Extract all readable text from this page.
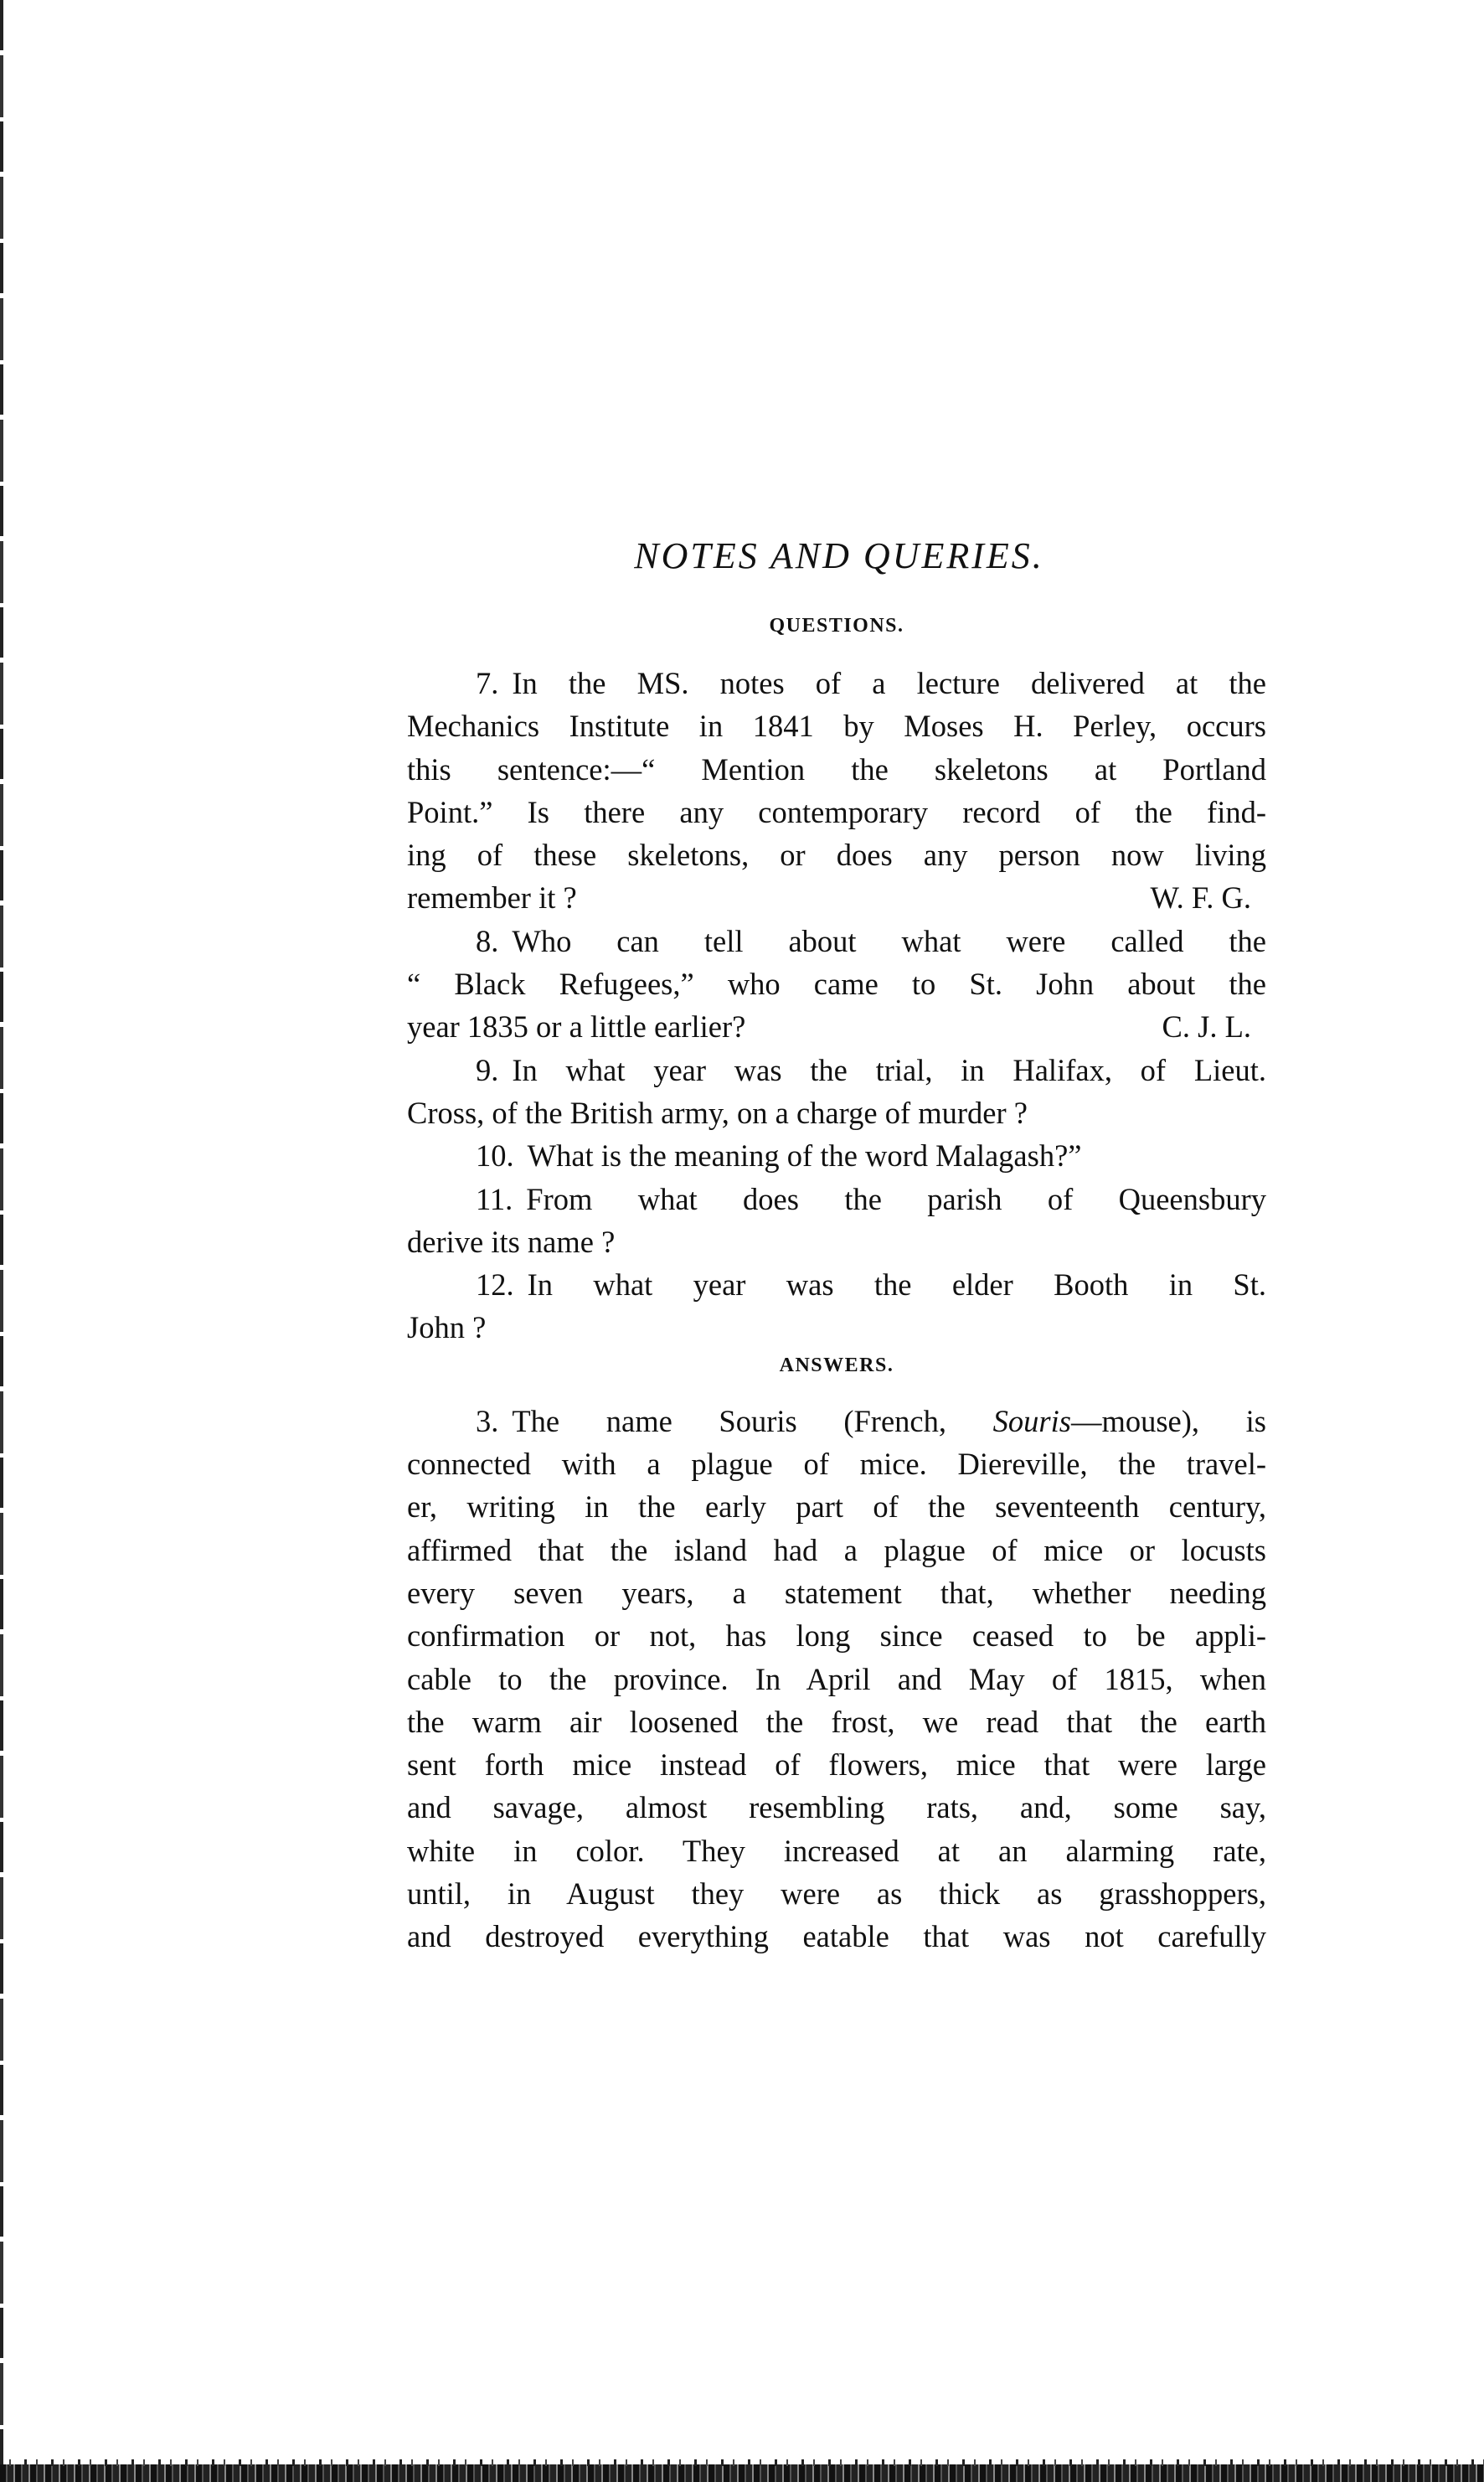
NOTES AND QUERIES.
QUESTIONS.
7. In the MS. notes of a lecture delivered at the
Mechanics Institute in 1841 by Moses H. Perley, occurs
this sentence:—“ Mention the skeletons at Portland
Point.” Is there any contemporary record of the find-
ing of these skeletons, or does any person now living
remember it ?	W. F. G.
8. Who can tell about what were called the
“ Black Refugees,” who came to St. John about the
year 1835 or a little earlier?	C. J. L.
9. In what year was the trial, in Halifax, of Lieut.
Cross, of the British army, on a charge of murder ?
10. What is the meaning of the word Malagash?”
11. From what does the parish of Queensbury
derive its name ?
12. In what year was the elder Booth in St.
John ?
ANSWERS.
3. The name Souris (French, Souris—mouse), is
connected with a plague of mice. Diereville, the travel-
er, writing in the early part of the seventeenth century,
affirmed that the island had a plague of mice or locusts
every seven years, a statement that, whether needing
confirmation or not, has long since ceased to be appli-
cable to the province. In April and May of 1815, when
the warm air loosened the frost, we read that the earth
sent forth mice instead of flowers, mice that were large
and savage, almost resembling rats, and, some say,
white in color. They increased at an alarming rate,
until, in August they were as thick as grasshoppers,
and destroyed everything eatable that was not carefully
